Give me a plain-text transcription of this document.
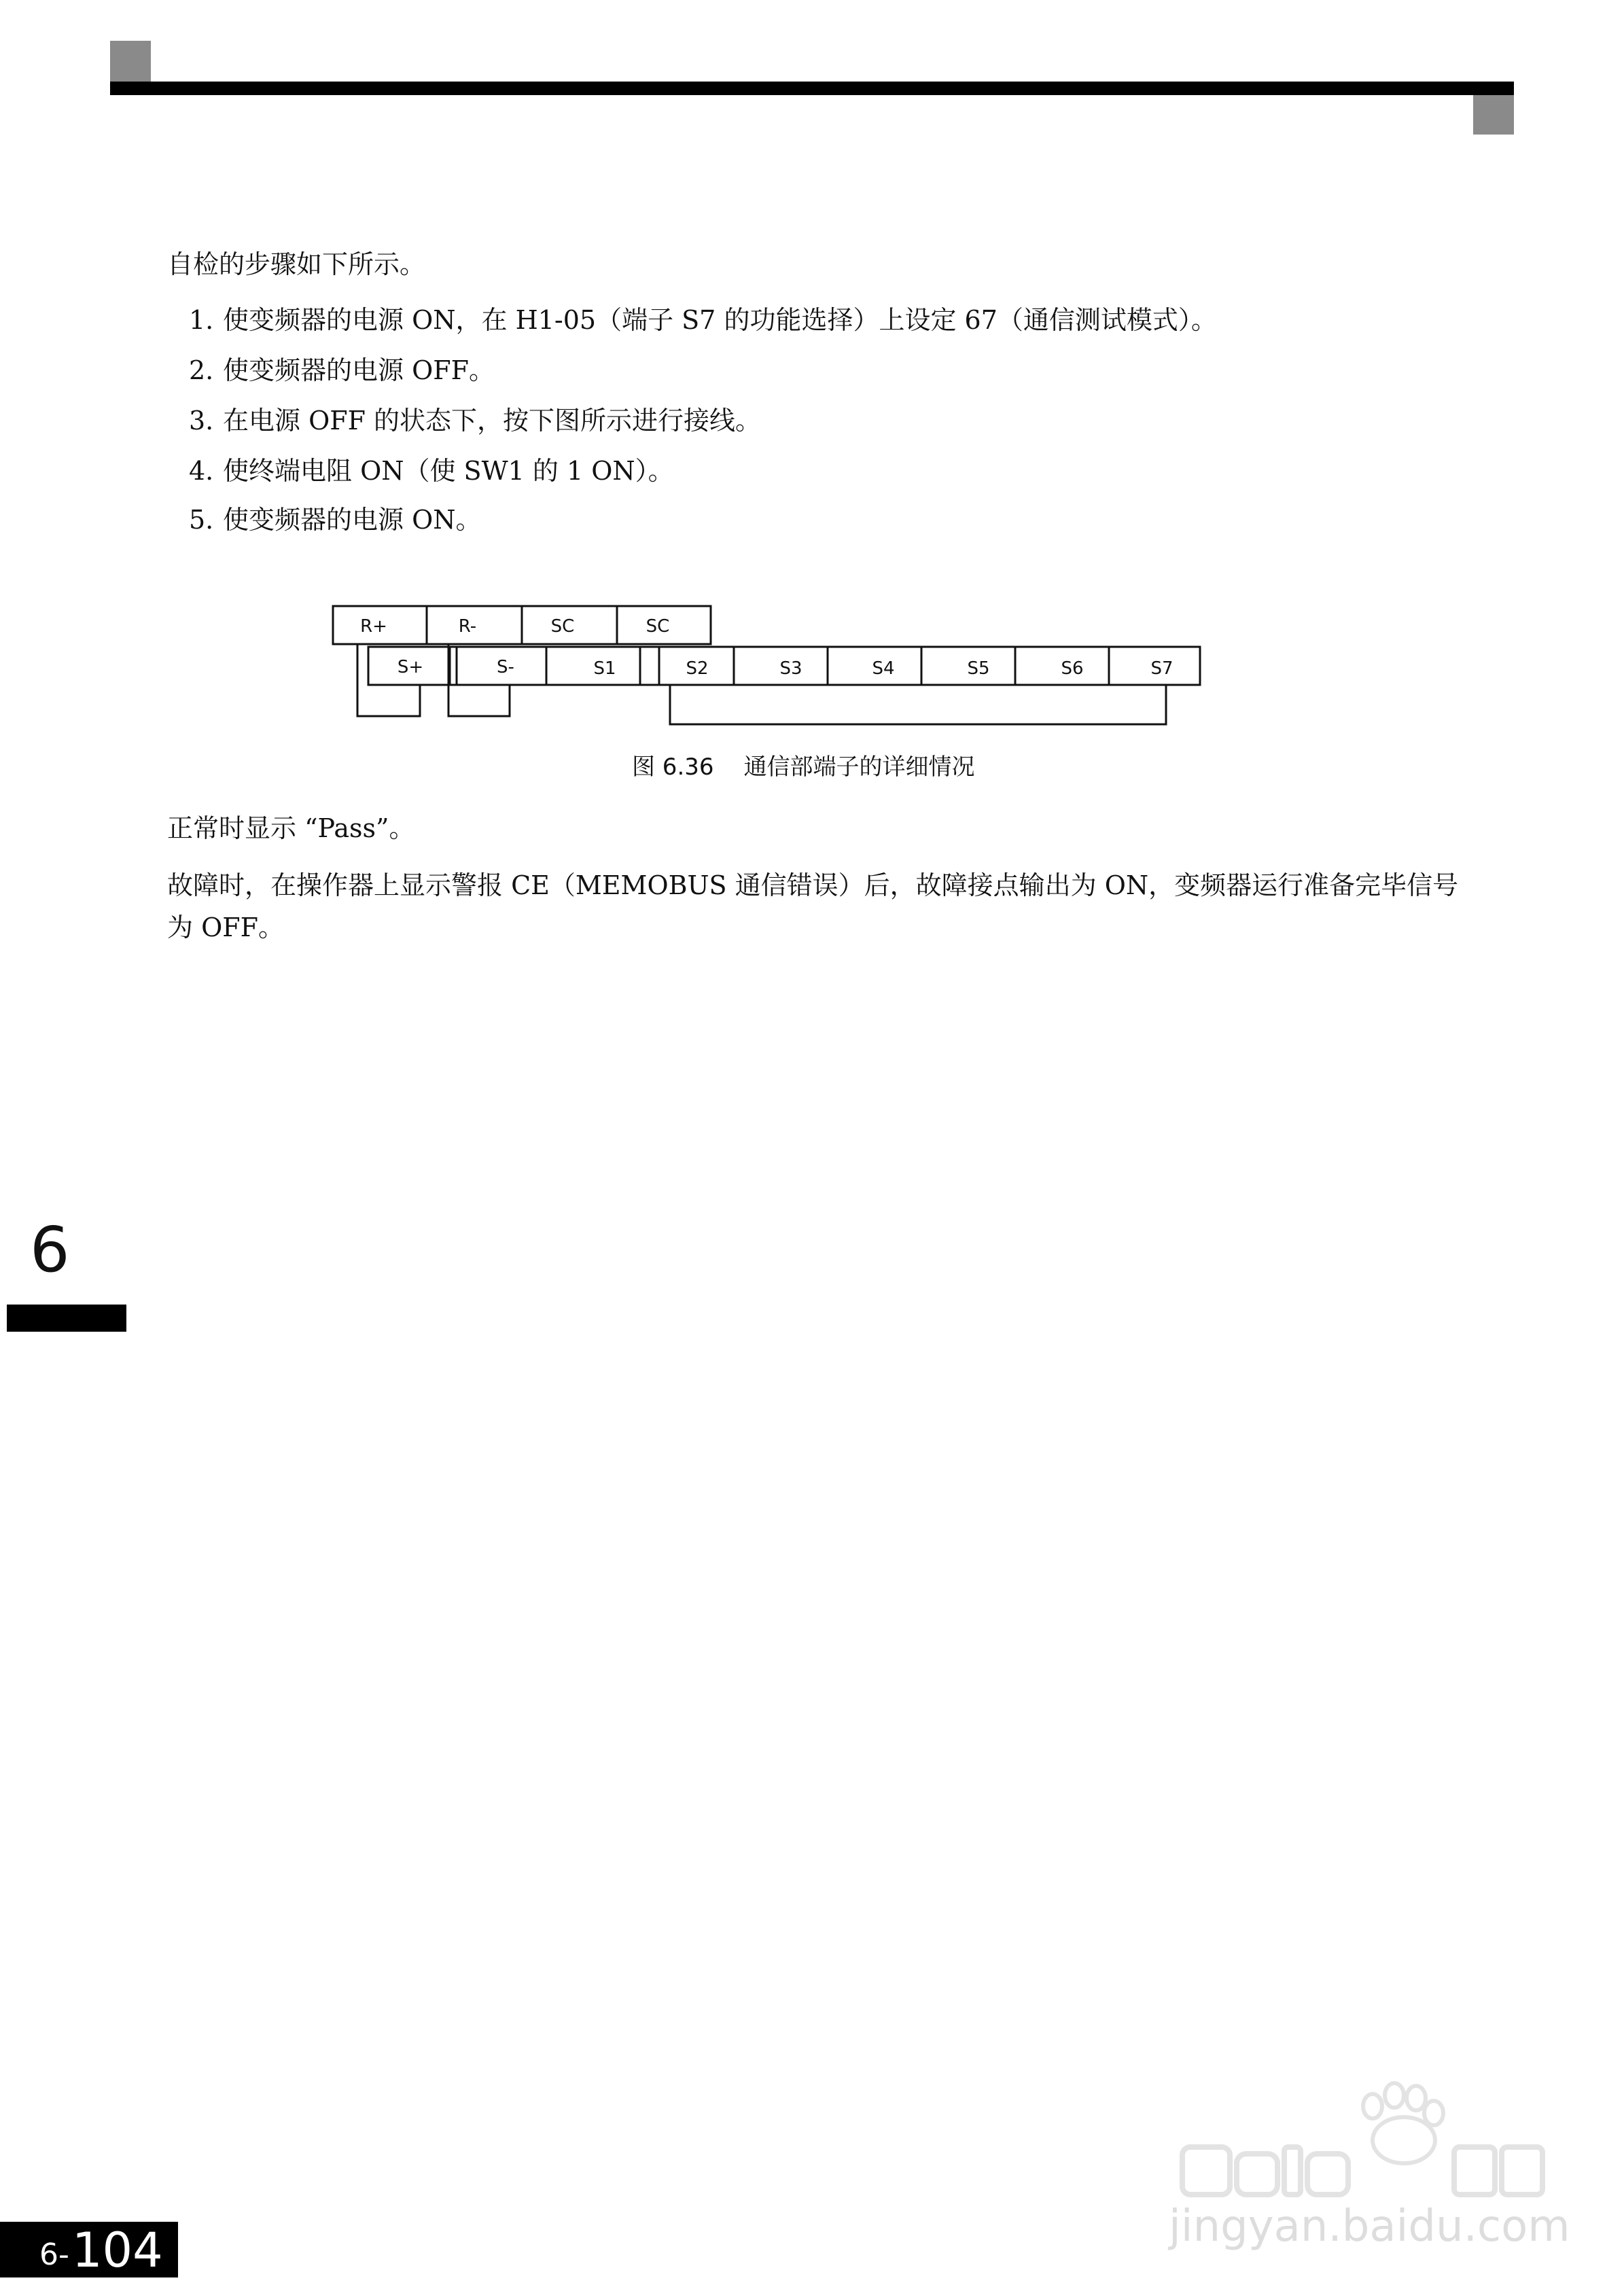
自检的步骤如下所示。
1. 使变频器的电源 ON，在 H1-05（端子 S7 的功能选择）上设定 67（通信测试模式）。
2. 使变频器的电源 OFF。
3. 在电源 OFF 的状态下，按下图所示进行接线。
4. 使终端电阻 ON（使 SW1 的 1 ON）。
5. 使变频器的电源 ON。
R+	R-	SC	SC
S+	S-	S1	S2	S3	S4	S5	S6	S7
图 6.36 通信部端子的详细情况
正常时显示 “Pass”。
故障时，在操作器上显示警报 CE（MEMOBUS 通信错误）后，故障接点输出为 ON，变频器运行准备完毕信号为 OFF。
6
6- 104	jingyan.baidu.com
